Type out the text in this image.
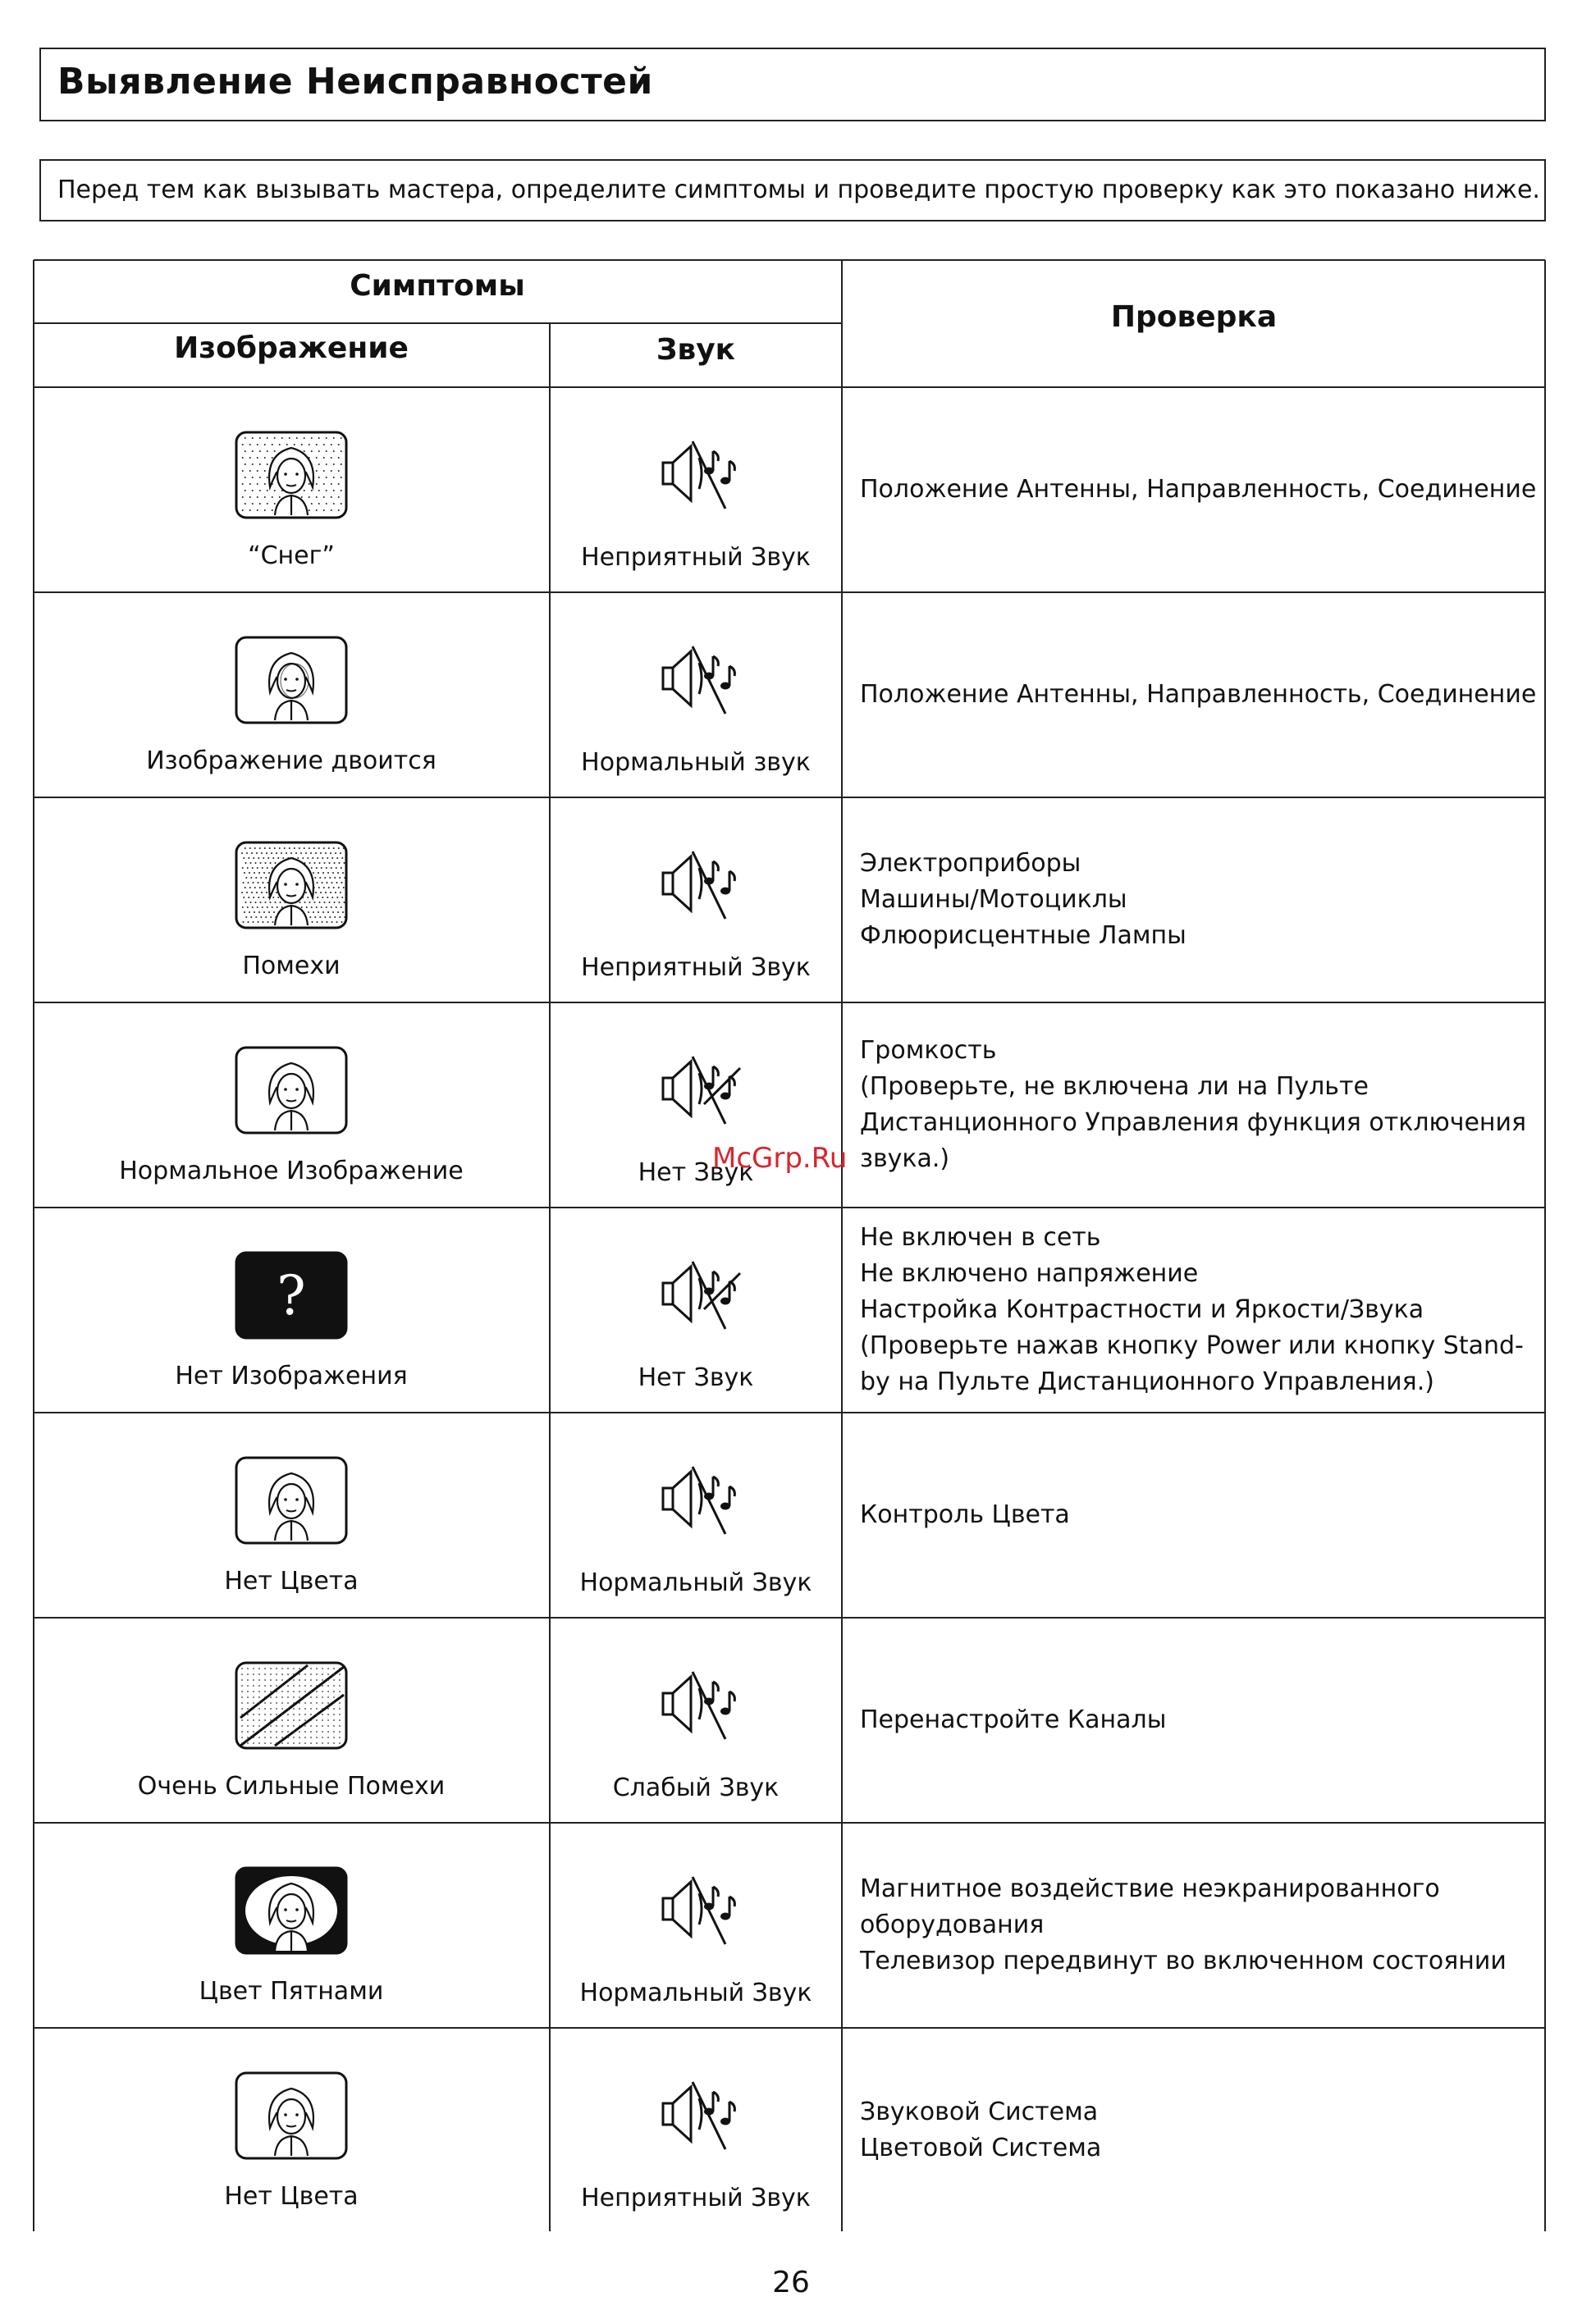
Выявление Неисправностей
Перед тем как вызывать мастера, определите симптомы и проведите простую проверку как это показано ниже.
Симптомы
Изображение	Звук
Проверка
“Снег”	Неприятный Звук
Положение Антенны, Направленность, Соединение
Изображение двоится	Нормальный звук
Положение Антенны, Направленность, Соединение
Помехи	Неприятный Звук
Электроприборы
Машины/Мотоциклы
Флюорисцентные Лампы
Нормальное Изображение	Нет Звук
Громкость
(Проверьте, не включена ли на Пульте
Дистанционного Управления функция отключения
звука.)
?
Нет Изображения	Нет Звук
Не включен в сеть
Не включено напряжение
Настройка Контрастности и Яркости/Звука
(Проверьте нажав кнопку Power или кнопку Stand-
by на Пульте Дистанционного Управления.)
Нет Цвета	Нормальный Звук
Контроль Цвета
Очень Сильные Помехи	Слабый Звук
Перенастройте Каналы
Цвет Пятнами	Нормальный Звук
Магнитное воздействие неэкранированного
оборудования
Телевизор передвинут во включенном состоянии
Нет Цвета	Неприятный Звук
Звуковой Система
Цветовой Система
McGrp.Ru
26
